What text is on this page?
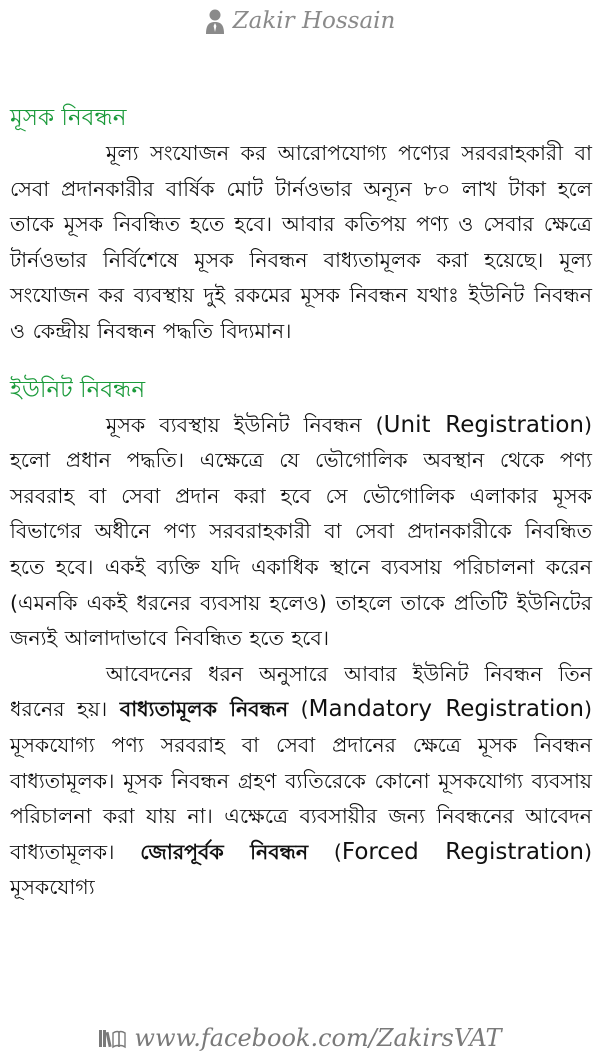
Zakir Hossain
মূসক নিবন্ধন

মূল্য সংযোজন কর আরোপযোগ্য পণ্যের সরবরাহকারী বা সেবা প্রদানকারীর বার্ষিক মোট টার্নওভার অন্যূন ৮০ লাখ টাকা হলে তাকে মূসক নিবন্ধিত হতে হবে। আবার কতিপয় পণ্য ও সেবার ক্ষেত্রে টার্নওভার নির্বিশেষে মূসক নিবন্ধন বাধ্যতামূলক করা হয়েছে। মূল্য সংযোজন কর ব্যবস্থায় দুই রকমের মূসক নিবন্ধন যথাঃ ইউনিট নিবন্ধন ও কেন্দ্রীয় নিবন্ধন পদ্ধতি বিদ্যমান।

ইউনিট নিবন্ধন

মূসক ব্যবস্থায় ইউনিট নিবন্ধন (Unit Registration) হলো প্রধান পদ্ধতি। এক্ষেত্রে যে ভৌগোলিক অবস্থান থেকে পণ্য সরবরাহ বা সেবা প্রদান করা হবে সে ভৌগোলিক এলাকার মূসক বিভাগের অধীনে পণ্য সরবরাহকারী বা সেবা প্রদানকারীকে নিবন্ধিত হতে হবে। একই ব্যক্তি যদি একাধিক স্থানে ব্যবসায় পরিচালনা করেন (এমনকি একই ধরনের ব্যবসায় হলেও) তাহলে তাকে প্রতিটি ইউনিটের জন্যই আলাদাভাবে নিবন্ধিত হতে হবে।

আবেদনের ধরন অনুসারে আবার ইউনিট নিবন্ধন তিন ধরনের হয়। বাধ্যতামূলক নিবন্ধন (Mandatory Registration) মূসকযোগ্য পণ্য সরবরাহ বা সেবা প্রদানের ক্ষেত্রে মূসক নিবন্ধন বাধ্যতামূলক। মূসক নিবন্ধন গ্রহণ ব্যতিরেকে কোনো মূসকযোগ্য ব্যবসায় পরিচালনা করা যায় না। এক্ষেত্রে ব্যবসায়ীর জন্য নিবন্ধনের আবেদন বাধ্যতামূলক। জোরপূর্বক নিবন্ধন (Forced Registration) মূসকযোগ্য

www.facebook.com/ZakirsVAT
